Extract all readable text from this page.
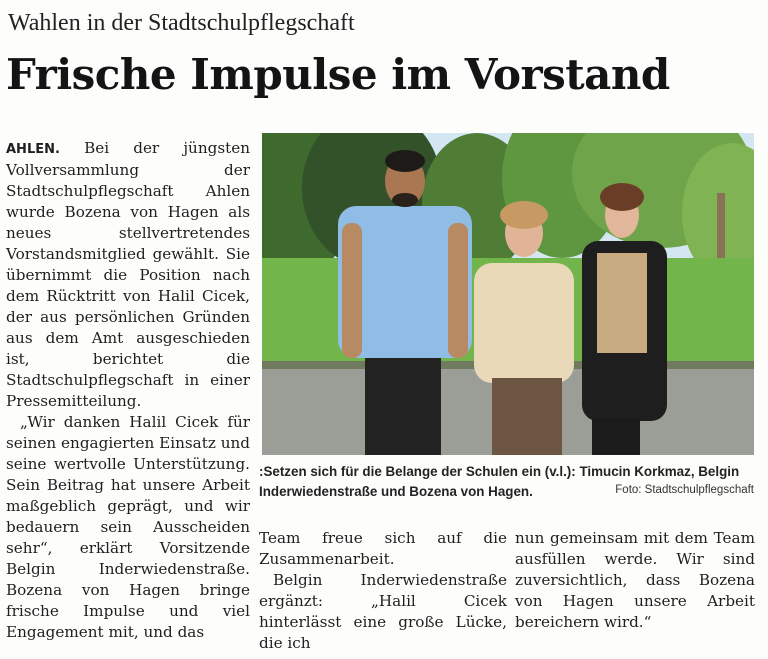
Wahlen in der Stadtschulpflegschaft
Frische Impulse im Vorstand

AHLEN. Bei der jüngsten Vollversammlung der Stadtschulpflegschaft Ahlen wurde Bozena von Hagen als neues stellvertretendes Vorstandsmitglied gewählt. Sie übernimmt die Position nach dem Rücktritt von Halil Cicek, der aus persönlichen Gründen aus dem Amt ausgeschieden ist, berichtet die Stadtschulpflegschaft in einer Pressemitteilung.

„Wir danken Halil Cicek für seinen engagierten Einsatz und seine wertvolle Unterstützung. Sein Beitrag hat unsere Arbeit maßgeblich geprägt, und wir bedauern sein Ausscheiden sehr“, erklärt Vorsitzende Belgin Inderwiedenstraße. Bozena von Hagen bringe frische Impulse und viel Engagement mit, und das

:Setzen sich für die Belange der Schulen ein (v.l.): Timucin Korkmaz, Belgin Inderwiedenstraße und Bozena von Hagen.	Foto: Stadtschulpflegschaft

Team freue sich auf die Zusammenarbeit.

Belgin Inderwiedenstraße ergänzt: „Halil Cicek hinterlässt eine große Lücke, die ich

nun gemeinsam mit dem Team ausfüllen werde. Wir sind zuversichtlich, dass Bozena von Hagen unsere Arbeit bereichern wird.“
